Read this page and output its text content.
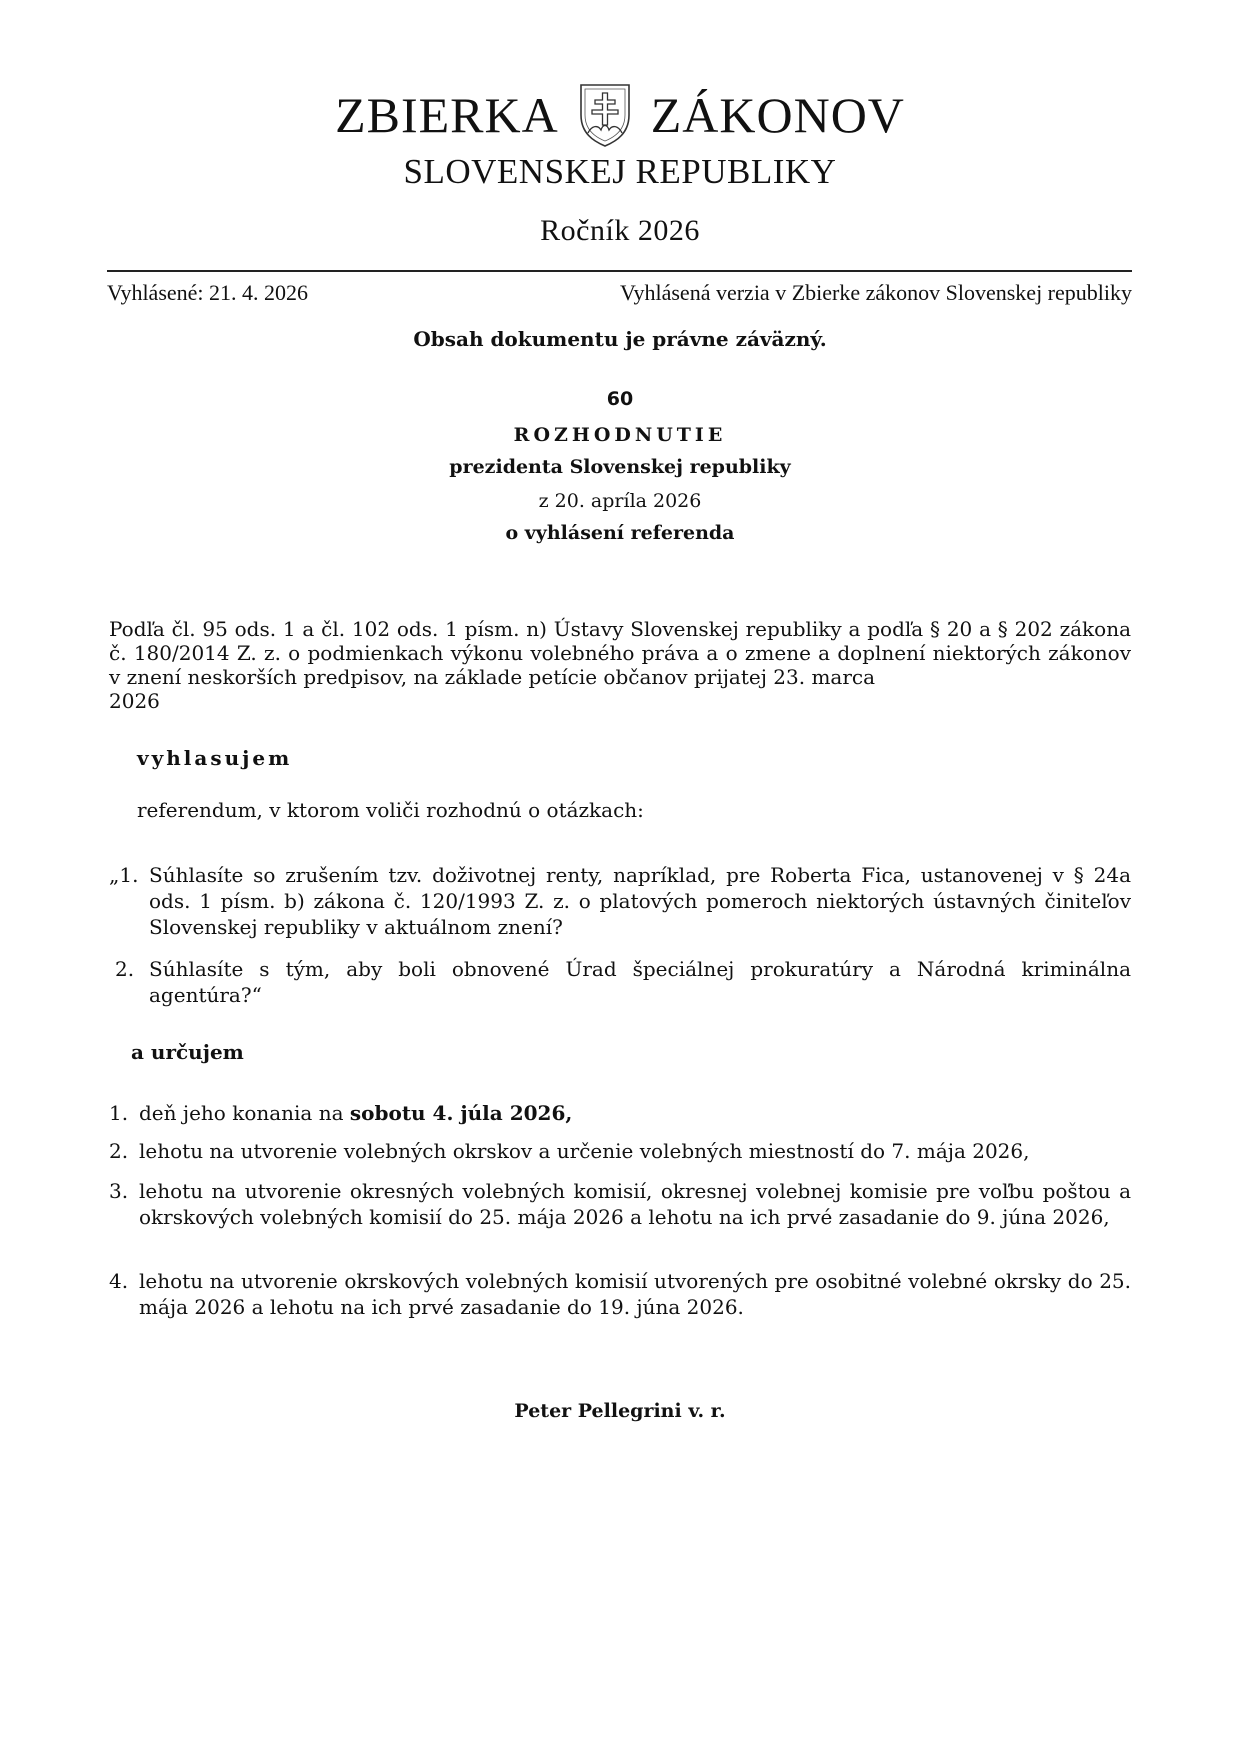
ZBIERKA ZÁKONOV
SLOVENSKEJ REPUBLIKY
Ročník 2026
Vyhlásené: 21. 4. 2026	Vyhlásená verzia v Zbierke zákonov Slovenskej republiky
Obsah dokumentu je právne záväzný.
60
ROZHODNUTIE
prezidenta Slovenskej republiky
z 20. apríla 2026
o vyhlásení referenda
Podľa čl. 95 ods. 1 a čl. 102 ods. 1 písm. n) Ústavy Slovenskej republiky a podľa § 20 a § 202 zákona č. 180/2014 Z. z. o podmienkach výkonu volebného práva a o zmene a doplnení niektorých zákonov v znení neskorších predpisov, na základe petície občanov prijatej 23. marca
2026
vyhlasujem
referendum, v ktorom voliči rozhodnú o otázkach:
„1. Súhlasíte so zrušením tzv. doživotnej renty, napríklad, pre Roberta Fica, ustanovenej v § 24a ods. 1 písm. b) zákona č. 120/1993 Z. z. o platových pomeroch niektorých ústavných činiteľov Slovenskej republiky v aktuálnom znení?
2. Súhlasíte s tým, aby boli obnovené Úrad špeciálnej prokuratúry a Národná kriminálna agentúra?“
a určujem
1. deň jeho konania na sobotu 4. júla 2026,
2. lehotu na utvorenie volebných okrskov a určenie volebných miestností do 7. mája 2026,
3. lehotu na utvorenie okresných volebných komisií, okresnej volebnej komisie pre voľbu poštou a okrskových volebných komisií do 25. mája 2026 a lehotu na ich prvé zasadanie do 9. júna 2026,
4. lehotu na utvorenie okrskových volebných komisií utvorených pre osobitné volebné okrsky do 25. mája 2026 a lehotu na ich prvé zasadanie do 19. júna 2026.
Peter Pellegrini v. r.
